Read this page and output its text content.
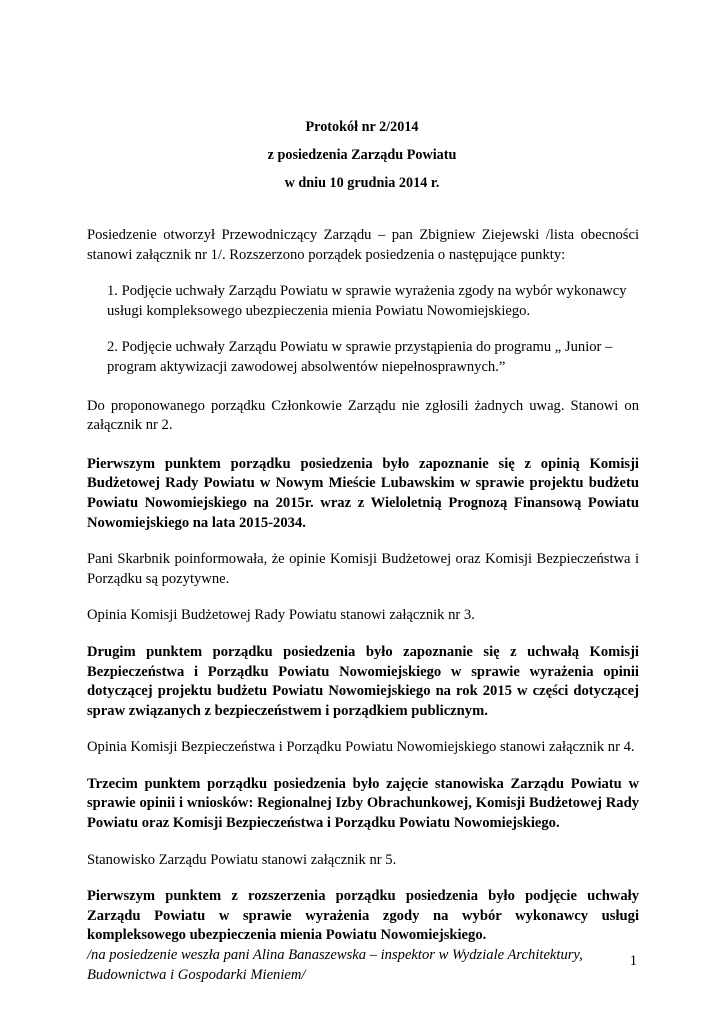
Protokół nr 2/2014
z posiedzenia Zarządu Powiatu
w dniu 10 grudnia 2014 r.

Posiedzenie otworzył Przewodniczący Zarządu – pan Zbigniew Ziejewski /lista obecności stanowi załącznik nr 1/. Rozszerzono porządek posiedzenia o następujące punkty:

1. Podjęcie uchwały Zarządu Powiatu w sprawie wyrażenia zgody na wybór wykonawcy usługi kompleksowego ubezpieczenia mienia Powiatu Nowomiejskiego.

2. Podjęcie uchwały Zarządu Powiatu w sprawie przystąpienia do programu „ Junior – program aktywizacji zawodowej absolwentów niepełnosprawnych.”

Do proponowanego porządku Członkowie Zarządu nie zgłosili żadnych uwag. Stanowi on załącznik nr 2.

Pierwszym punktem porządku posiedzenia było zapoznanie się z opinią Komisji Budżetowej Rady Powiatu w Nowym Mieście Lubawskim w sprawie projektu budżetu Powiatu Nowomiejskiego na 2015r. wraz z Wieloletnią Prognozą Finansową Powiatu Nowomiejskiego na lata 2015-2034.

Pani Skarbnik poinformowała, że opinie Komisji Budżetowej oraz Komisji Bezpieczeństwa i Porządku są pozytywne.

Opinia Komisji Budżetowej Rady Powiatu stanowi załącznik nr 3.

Drugim punktem porządku posiedzenia było zapoznanie się z uchwałą Komisji Bezpieczeństwa i Porządku Powiatu Nowomiejskiego w sprawie wyrażenia opinii dotyczącej projektu budżetu Powiatu Nowomiejskiego na rok 2015 w części dotyczącej spraw związanych z bezpieczeństwem i porządkiem publicznym.

Opinia Komisji Bezpieczeństwa i Porządku Powiatu Nowomiejskiego stanowi załącznik nr 4.

Trzecim punktem porządku posiedzenia było zajęcie stanowiska Zarządu Powiatu w sprawie opinii i wniosków: Regionalnej Izby Obrachunkowej, Komisji Budżetowej Rady Powiatu oraz Komisji Bezpieczeństwa i Porządku Powiatu Nowomiejskiego.

Stanowisko Zarządu Powiatu stanowi załącznik nr 5.

Pierwszym punktem z rozszerzenia porządku posiedzenia było podjęcie uchwały Zarządu Powiatu w sprawie wyrażenia zgody na wybór wykonawcy usługi kompleksowego ubezpieczenia mienia Powiatu Nowomiejskiego.

/na posiedzenie weszła pani Alina Banaszewska – inspektor w Wydziale Architektury, Budownictwa i Gospodarki Mieniem/

1
